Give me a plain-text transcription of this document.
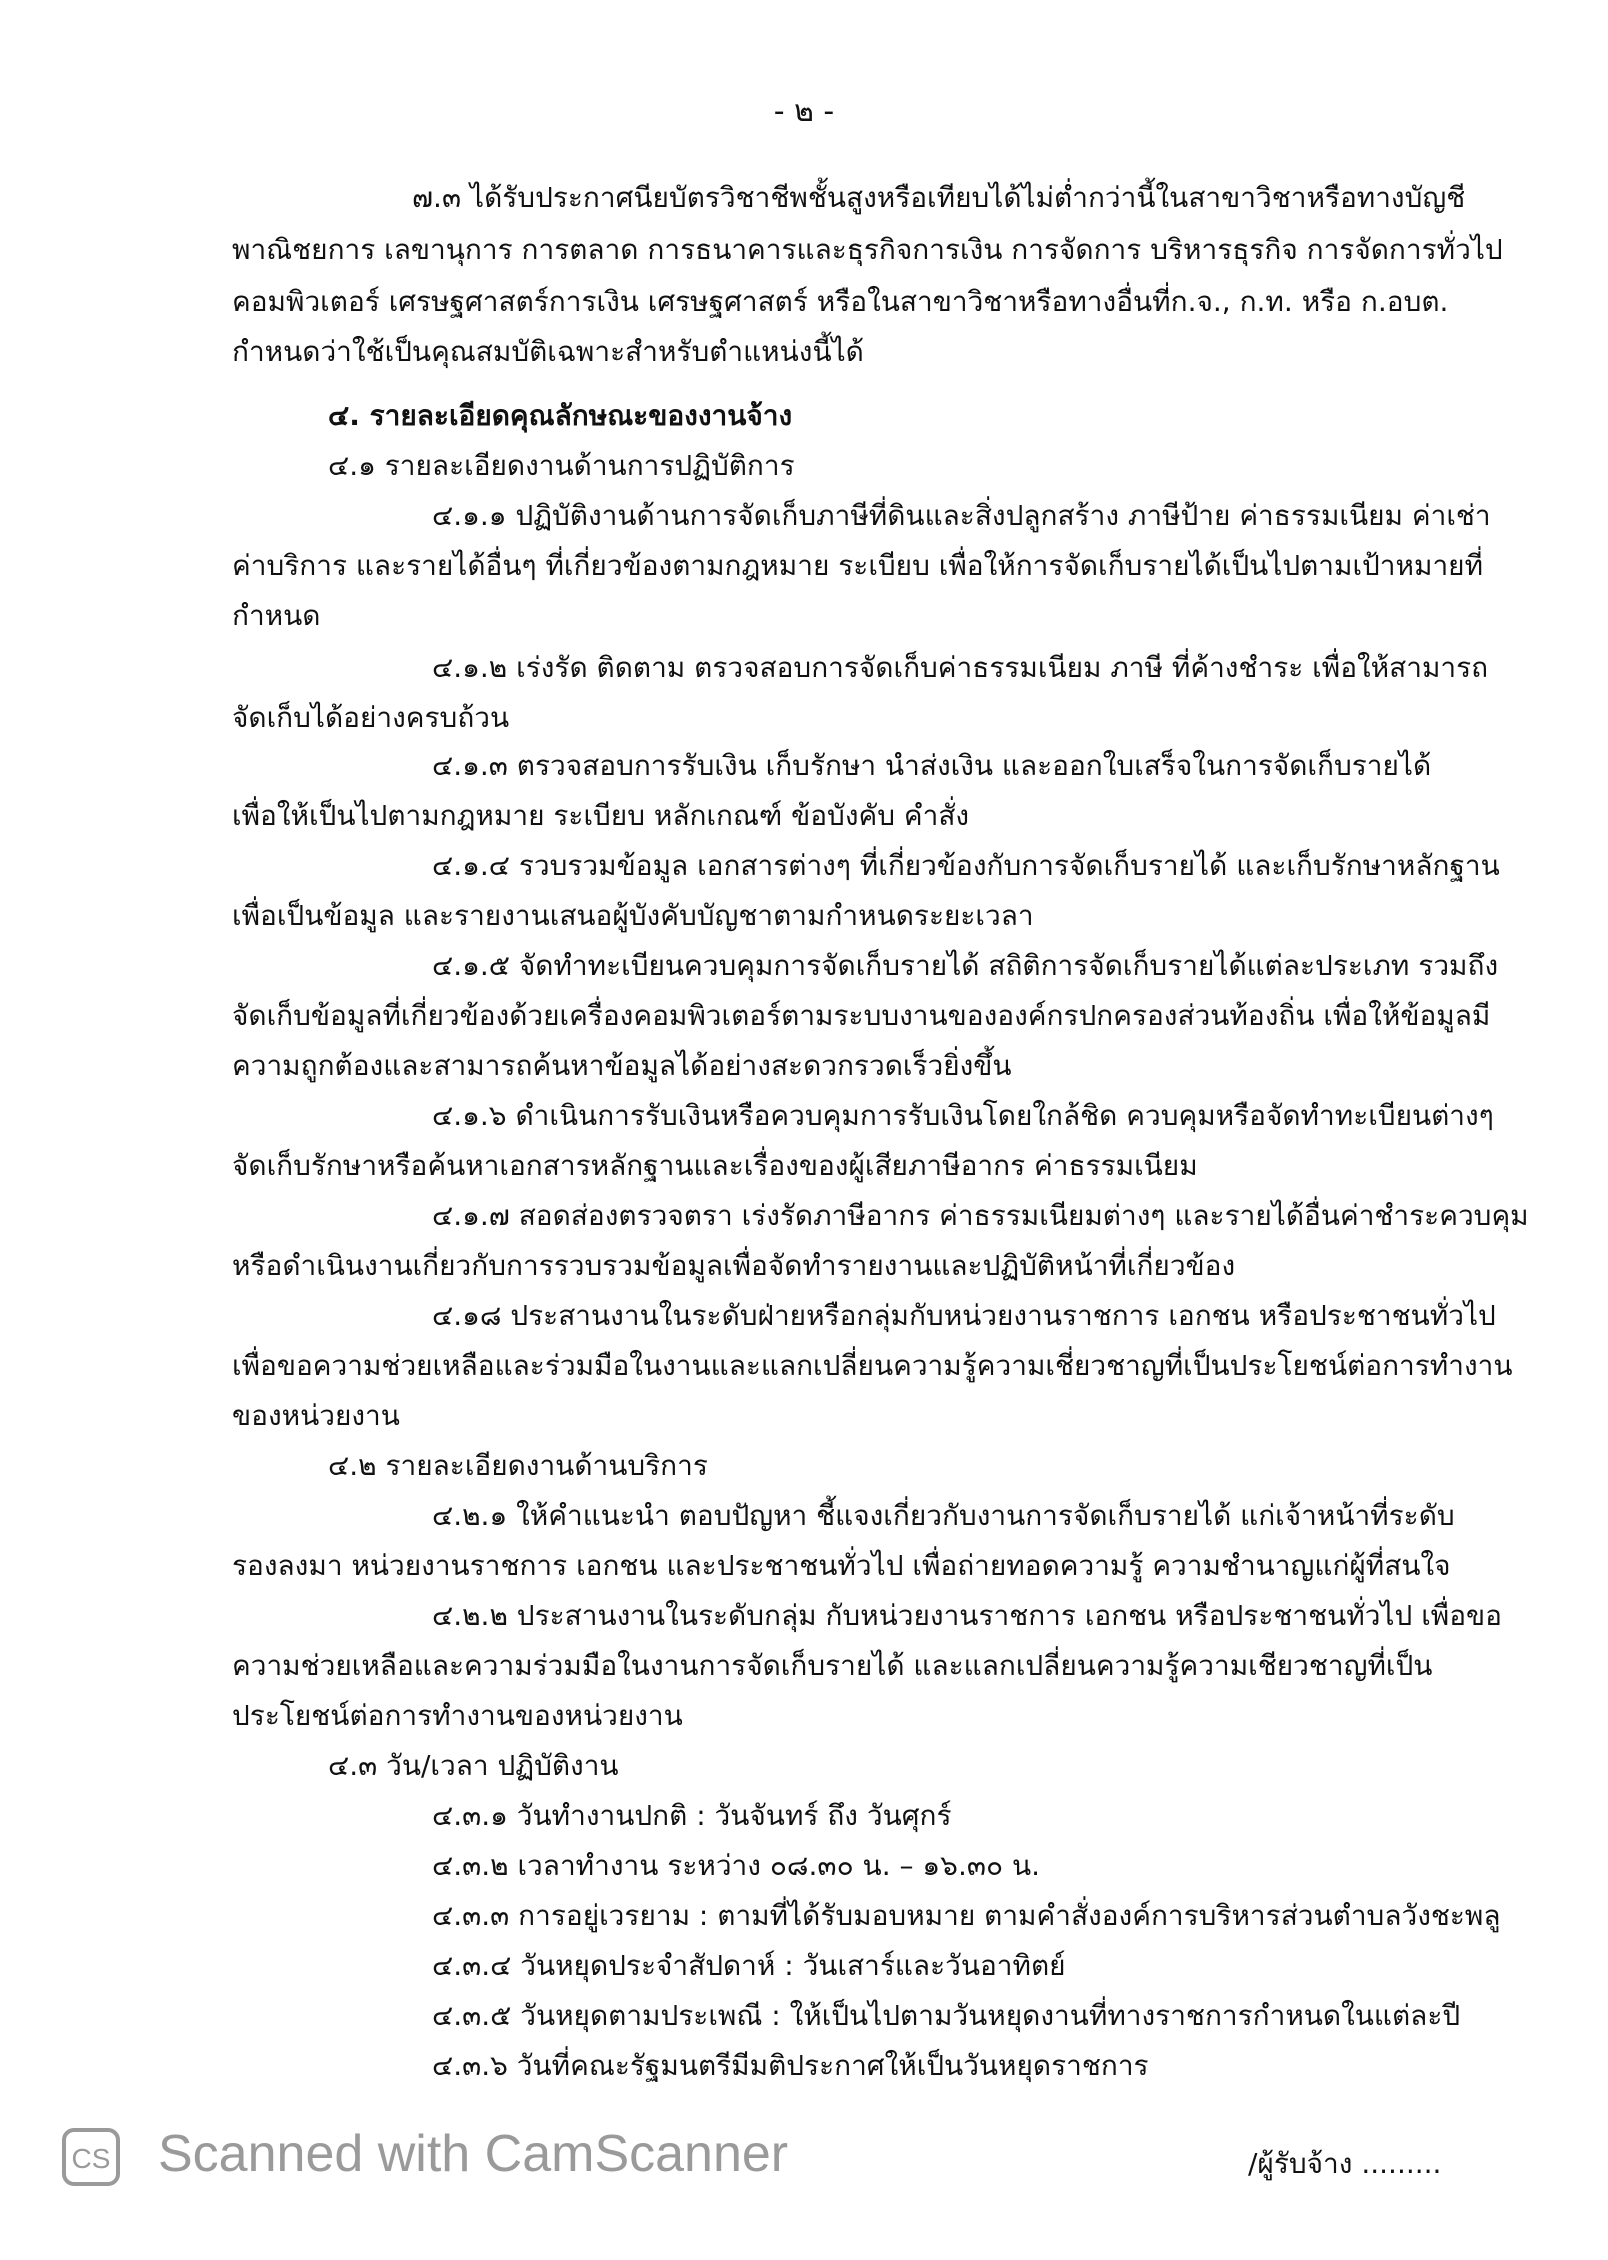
- ๒ -
๗.๓ ได้รับประกาศนียบัตรวิชาชีพชั้นสูงหรือเทียบได้ไม่ต่ำกว่านี้ในสาขาวิชาหรือทางบัญชี
พาณิชยการ เลขานุการ การตลาด การธนาคารและธุรกิจการเงิน การจัดการ บริหารธุรกิจ การจัดการทั่วไป
คอมพิวเตอร์ เศรษฐศาสตร์การเงิน เศรษฐศาสตร์ หรือในสาขาวิชาหรือทางอื่นที่ก.จ., ก.ท. หรือ ก.อบต.
กำหนดว่าใช้เป็นคุณสมบัติเฉพาะสำหรับตำแหน่งนี้ได้
๔. รายละเอียดคุณลักษณะของงานจ้าง
๔.๑ รายละเอียดงานด้านการปฏิบัติการ
๔.๑.๑ ปฏิบัติงานด้านการจัดเก็บภาษีที่ดินและสิ่งปลูกสร้าง ภาษีป้าย ค่าธรรมเนียม ค่าเช่า
ค่าบริการ และรายได้อื่นๆ ที่เกี่ยวข้องตามกฎหมาย ระเบียบ เพื่อให้การจัดเก็บรายได้เป็นไปตามเป้าหมายที่
กำหนด
๔.๑.๒ เร่งรัด ติดตาม ตรวจสอบการจัดเก็บค่าธรรมเนียม ภาษี ที่ค้างชำระ เพื่อให้สามารถ
จัดเก็บได้อย่างครบถ้วน
๔.๑.๓ ตรวจสอบการรับเงิน เก็บรักษา นำส่งเงิน และออกใบเสร็จในการจัดเก็บรายได้
เพื่อให้เป็นไปตามกฎหมาย ระเบียบ หลักเกณฑ์ ข้อบังคับ คำสั่ง
๔.๑.๔ รวบรวมข้อมูล เอกสารต่างๆ ที่เกี่ยวข้องกับการจัดเก็บรายได้ และเก็บรักษาหลักฐาน
เพื่อเป็นข้อมูล และรายงานเสนอผู้บังคับบัญชาตามกำหนดระยะเวลา
๔.๑.๕ จัดทำทะเบียนควบคุมการจัดเก็บรายได้ สถิติการจัดเก็บรายได้แต่ละประเภท รวมถึง
จัดเก็บข้อมูลที่เกี่ยวข้องด้วยเครื่องคอมพิวเตอร์ตามระบบงานขององค์กรปกครองส่วนท้องถิ่น เพื่อให้ข้อมูลมี
ความถูกต้องและสามารถค้นหาข้อมูลได้อย่างสะดวกรวดเร็วยิ่งขึ้น
๔.๑.๖ ดำเนินการรับเงินหรือควบคุมการรับเงินโดยใกล้ชิด ควบคุมหรือจัดทำทะเบียนต่างๆ
จัดเก็บรักษาหรือค้นหาเอกสารหลักฐานและเรื่องของผู้เสียภาษีอากร ค่าธรรมเนียม
๔.๑.๗ สอดส่องตรวจตรา เร่งรัดภาษีอากร ค่าธรรมเนียมต่างๆ และรายได้อื่นค่าชำระควบคุม
หรือดำเนินงานเกี่ยวกับการรวบรวมข้อมูลเพื่อจัดทำรายงานและปฏิบัติหน้าที่เกี่ยวข้อง
๔.๑๘ ประสานงานในระดับฝ่ายหรือกลุ่มกับหน่วยงานราชการ เอกชน หรือประชาชนทั่วไป
เพื่อขอความช่วยเหลือและร่วมมือในงานและแลกเปลี่ยนความรู้ความเชี่ยวชาญที่เป็นประโยชน์ต่อการทำงาน
ของหน่วยงาน
๔.๒ รายละเอียดงานด้านบริการ
๔.๒.๑ ให้คำแนะนำ ตอบปัญหา ชี้แจงเกี่ยวกับงานการจัดเก็บรายได้ แก่เจ้าหน้าที่ระดับ
รองลงมา หน่วยงานราชการ เอกชน และประชาชนทั่วไป เพื่อถ่ายทอดความรู้ ความชำนาญแก่ผู้ที่สนใจ
๔.๒.๒ ประสานงานในระดับกลุ่ม กับหน่วยงานราชการ เอกชน หรือประชาชนทั่วไป เพื่อขอ
ความช่วยเหลือและความร่วมมือในงานการจัดเก็บรายได้ และแลกเปลี่ยนความรู้ความเชียวชาญที่เป็น
ประโยชน์ต่อการทำงานของหน่วยงาน
๔.๓ วัน/เวลา ปฏิบัติงาน
๔.๓.๑ วันทำงานปกติ : วันจันทร์ ถึง วันศุกร์
๔.๓.๒ เวลาทำงาน ระหว่าง ๐๘.๓๐ น. – ๑๖.๓๐ น.
๔.๓.๓ การอยู่เวรยาม : ตามที่ได้รับมอบหมาย ตามคำสั่งองค์การบริหารส่วนตำบลวังชะพลู
๔.๓.๔ วันหยุดประจำสัปดาห์ : วันเสาร์และวันอาทิตย์
๔.๓.๕ วันหยุดตามประเพณี : ให้เป็นไปตามวันหยุดงานที่ทางราชการกำหนดในแต่ละปี
๔.๓.๖ วันที่คณะรัฐมนตรีมีมติประกาศให้เป็นวันหยุดราชการ
CS Scanned with CamScanner	/ผู้รับจ้าง .........
